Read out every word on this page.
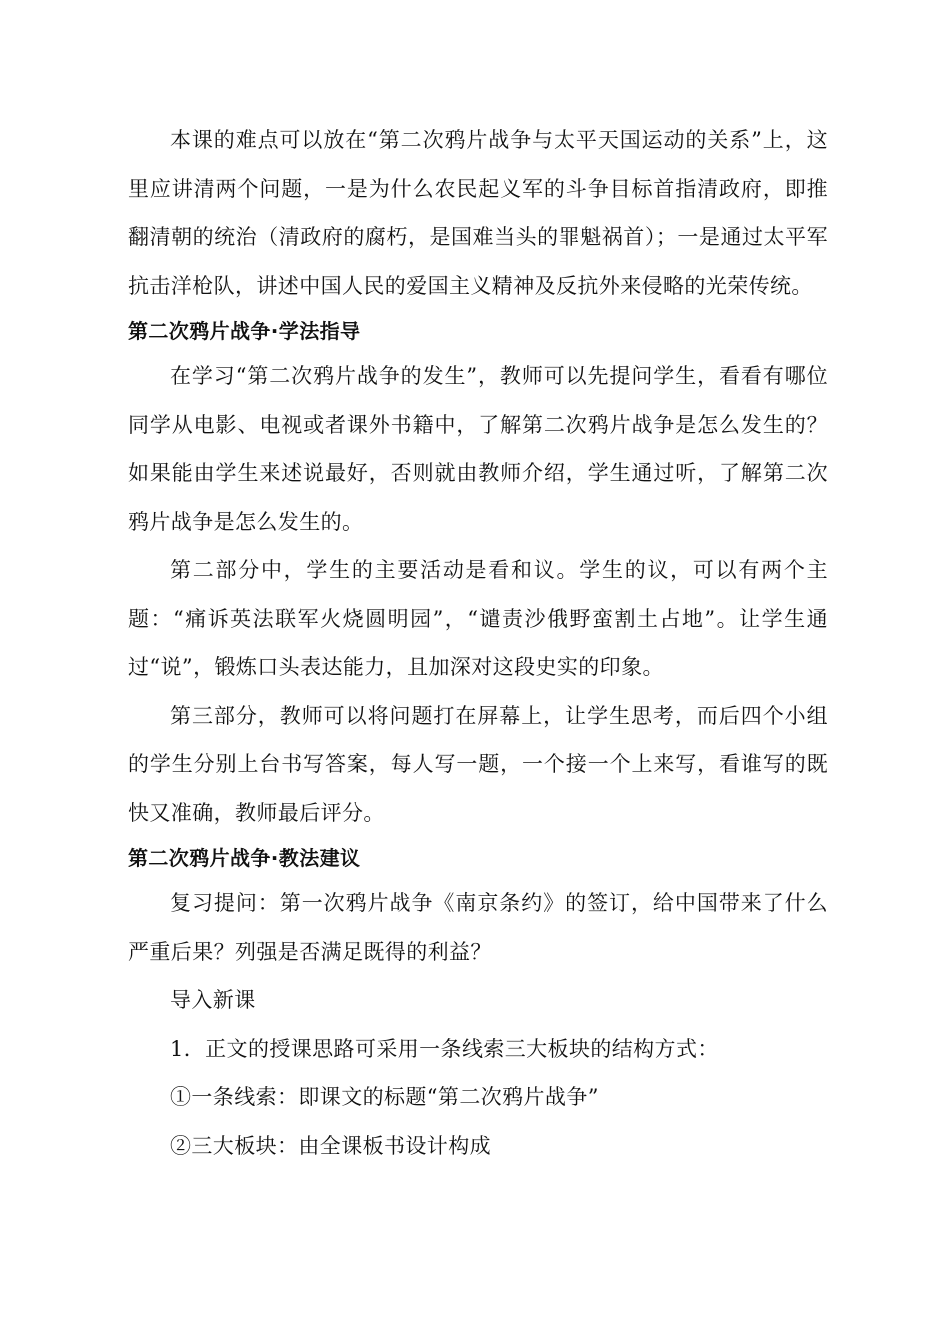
本课的难点可以放在“第二次鸦片战争与太平天国运动的关系”上，这里应讲清两个问题，一是为什么农民起义军的斗争目标首指清政府，即推翻清朝的统治（清政府的腐朽，是国难当头的罪魁祸首）；一是通过太平军抗击洋枪队，讲述中国人民的爱国主义精神及反抗外来侵略的光荣传统。

第二次鸦片战争·学法指导

在学习“第二次鸦片战争的发生”，教师可以先提问学生，看看有哪位同学从电影、电视或者课外书籍中，了解第二次鸦片战争是怎么发生的？如果能由学生来述说最好，否则就由教师介绍，学生通过听，了解第二次鸦片战争是怎么发生的。

第二部分中，学生的主要活动是看和议。学生的议，可以有两个主题：“痛诉英法联军火烧圆明园”，“谴责沙俄野蛮割土占地”。让学生通过“说”，锻炼口头表达能力，且加深对这段史实的印象。

第三部分，教师可以将问题打在屏幕上，让学生思考，而后四个小组的学生分别上台书写答案，每人写一题，一个接一个上来写，看谁写的既快又准确，教师最后评分。

第二次鸦片战争·教法建议

复习提问：第一次鸦片战争《南京条约》的签订，给中国带来了什么严重后果？列强是否满足既得的利益？

导入新课

1．正文的授课思路可采用一条线索三大板块的结构方式：

①一条线索：即课文的标题“第二次鸦片战争”

②三大板块：由全课板书设计构成
